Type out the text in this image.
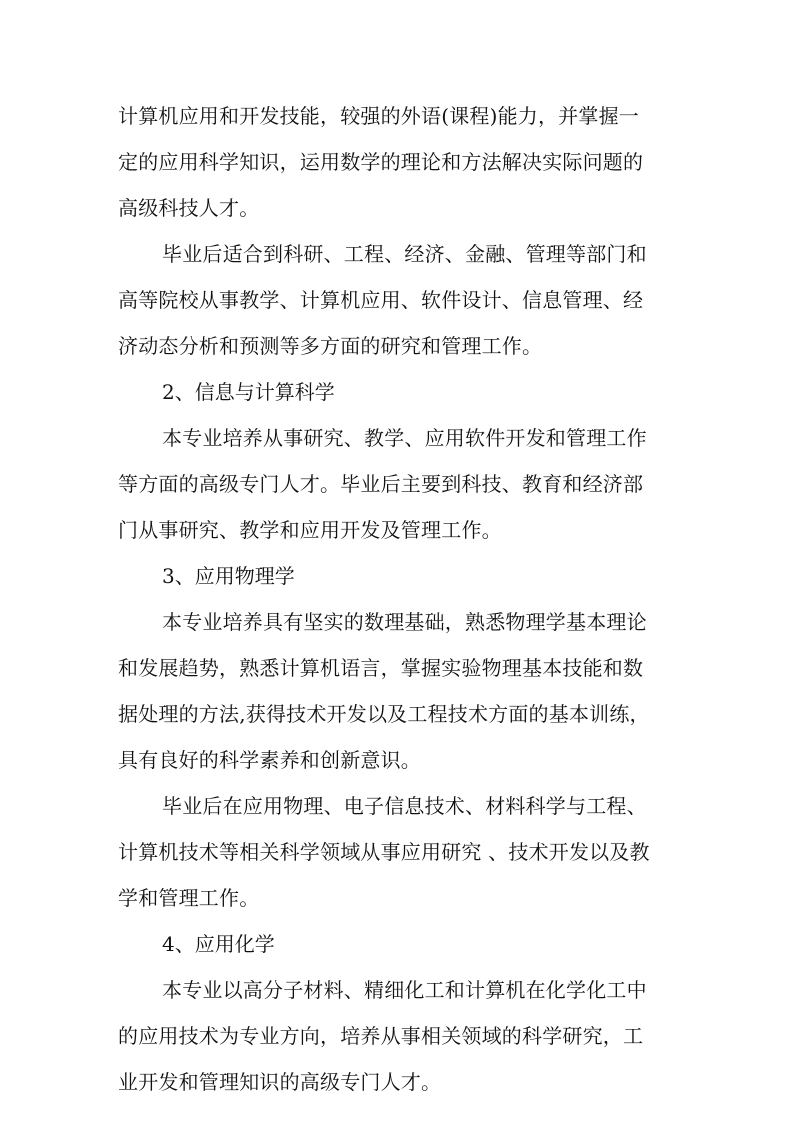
计算机应用和开发技能，较强的外语(课程)能力，并掌握一
定的应用科学知识，运用数学的理论和方法解决实际问题的
高级科技人才。
毕业后适合到科研、工程、经济、金融、管理等部门和
高等院校从事教学、计算机应用、软件设计、信息管理、经
济动态分析和预测等多方面的研究和管理工作。
2、信息与计算科学
本专业培养从事研究、教学、应用软件开发和管理工作
等方面的高级专门人才。毕业后主要到科技、教育和经济部
门从事研究、教学和应用开发及管理工作。
3、应用物理学
本专业培养具有坚实的数理基础，熟悉物理学基本理论
和发展趋势，熟悉计算机语言，掌握实验物理基本技能和数
据处理的方法,获得技术开发以及工程技术方面的基本训练，
具有良好的科学素养和创新意识。
毕业后在应用物理、电子信息技术、材料科学与工程、
计算机技术等相关科学领域从事应用研究 、技术开发以及教
学和管理工作。
4、应用化学
本专业以高分子材料、精细化工和计算机在化学化工中
的应用技术为专业方向，培养从事相关领域的科学研究，工
业开发和管理知识的高级专门人才。
